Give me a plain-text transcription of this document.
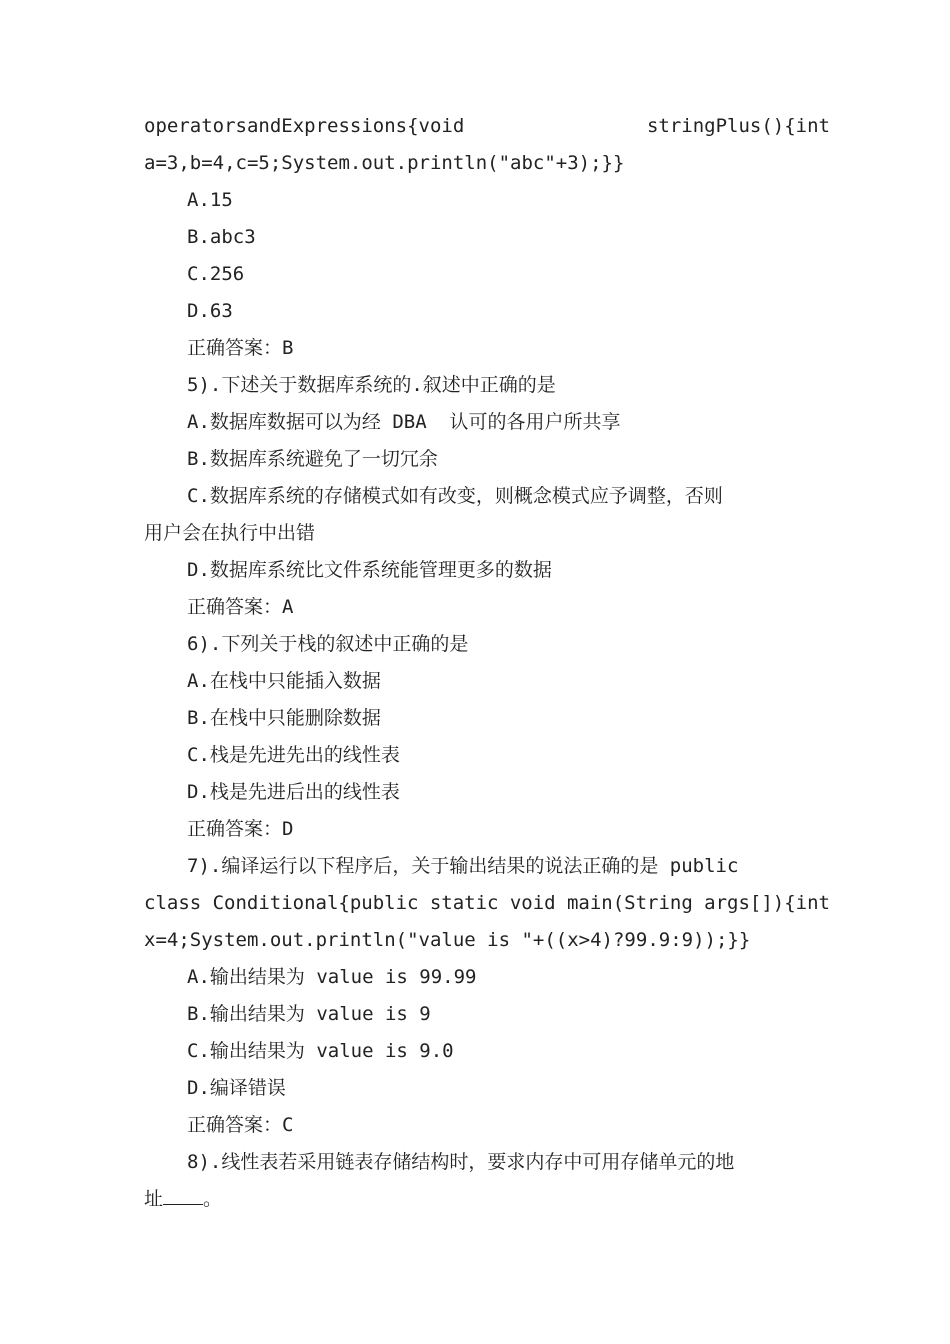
operatorsandExpressions{void	stringPlus(){int
a=3,b=4,c=5;System.out.println("abc"+3);}}
A.15
B.abc3
C.256
D.63
正确答案：B
5).下述关于数据库系统的.叙述中正确的是
A.数据库数据可以为经 DBA  认可的各用户所共享
B.数据库系统避免了一切冗余
C.数据库系统的存储模式如有改变，则概念模式应予调整，否则
用户会在执行中出错
D.数据库系统比文件系统能管理更多的数据
正确答案：A
6).下列关于栈的叙述中正确的是
A.在栈中只能插入数据
B.在栈中只能删除数据
C.栈是先进先出的线性表
D.栈是先进后出的线性表
正确答案：D
7).编译运行以下程序后，关于输出结果的说法正确的是 public
class Conditional{public static void main(String args[]){int
x=4;System.out.println("value is "+((x>4)?99.9:9));}}
A.输出结果为 value is 99.99
B.输出结果为 value is 9
C.输出结果为 value is 9.0
D.编译错误
正确答案：C
8).线性表若采用链表存储结构时，要求内存中可用存储单元的地
址 。
